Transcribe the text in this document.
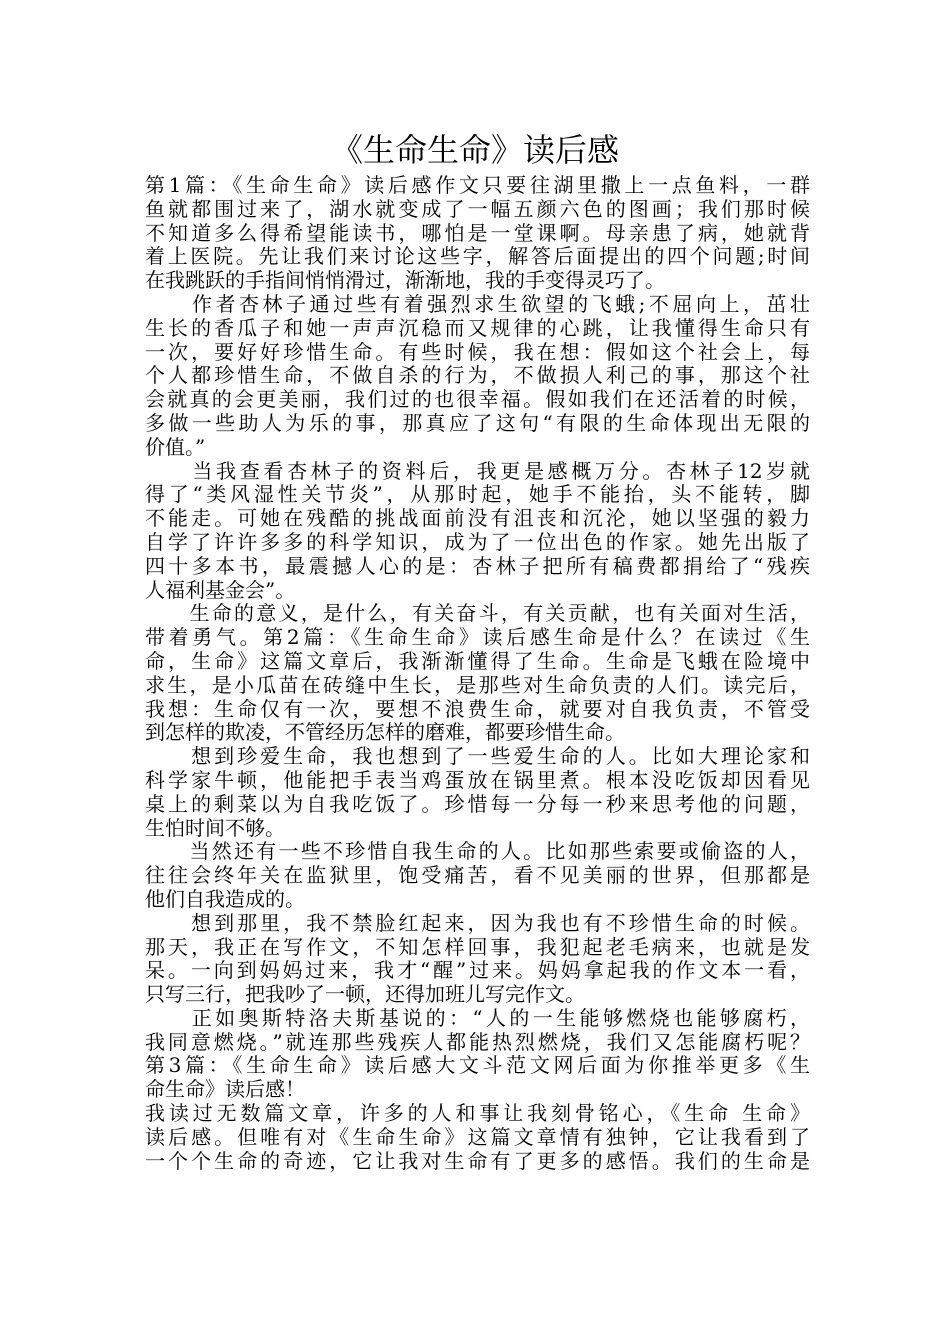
《生命生命》读后感
第1篇：《生命生命》读后感作文只要往湖里撒上一点鱼料，一群
鱼就都围过来了，湖水就变成了一幅五颜六色的图画；我们那时候
不知道多么得希望能读书，哪怕是一堂课啊。母亲患了病，她就背
着上医院。先让我们来讨论这些字，解答后面提出的四个问题;时间
在我跳跃的手指间悄悄滑过，渐渐地，我的手变得灵巧了。
　　作者杏林子通过些有着强烈求生欲望的飞蛾;不屈向上，茁壮
生长的香瓜子和她一声声沉稳而又规律的心跳，让我懂得生命只有
一次，要好好珍惜生命。有些时候，我在想：假如这个社会上，每
个人都珍惜生命，不做自杀的行为，不做损人利己的事，那这个社
会就真的会更美丽，我们过的也很幸福。假如我们在还活着的时候，
多做一些助人为乐的事，那真应了这句“有限的生命体现出无限的
价值。”
　　当我查看杏林子的资料后，我更是感概万分。杏林子12岁就
得了“类风湿性关节炎”，从那时起，她手不能抬，头不能转，脚
不能走。可她在残酷的挑战面前没有沮丧和沉沦，她以坚强的毅力
自学了许许多多的科学知识，成为了一位出色的作家。她先出版了
四十多本书，最震撼人心的是：杏林子把所有稿费都捐给了“残疾
人福利基金会”。
　　生命的意义，是什么，有关奋斗，有关贡献，也有关面对生活，
带着勇气。第2篇：《生命生命》读后感生命是什么？在读过《生
命，生命》这篇文章后，我渐渐懂得了生命。生命是飞蛾在险境中
求生，是小瓜苗在砖缝中生长，是那些对生命负责的人们。读完后，
我想：生命仅有一次，要想不浪费生命，就要对自我负责，不管受
到怎样的欺凌，不管经历怎样的磨难，都要珍惜生命。
　　想到珍爱生命，我也想到了一些爱生命的人。比如大理论家和
科学家牛顿，他能把手表当鸡蛋放在锅里煮。根本没吃饭却因看见
桌上的剩菜以为自我吃饭了。珍惜每一分每一秒来思考他的问题，
生怕时间不够。
　　当然还有一些不珍惜自我生命的人。比如那些索要或偷盗的人，
往往会终年关在监狱里，饱受痛苦，看不见美丽的世界，但那都是
他们自我造成的。
　　想到那里，我不禁脸红起来，因为我也有不珍惜生命的时候。
那天，我正在写作文，不知怎样回事，我犯起老毛病来，也就是发
呆。一向到妈妈过来，我才“醒”过来。妈妈拿起我的作文本一看，
只写三行，把我吵了一顿，还得加班儿写完作文。
　　正如奥斯特洛夫斯基说的：“人的一生能够燃烧也能够腐朽，
我同意燃烧。”就连那些残疾人都能热烈燃烧，我们又怎能腐朽呢？
第3篇：《生命生命》读后感大文斗范文网后面为你推举更多《生
命生命》读后感！
我读过无数篇文章，许多的人和事让我刻骨铭心，《生命 生命》
读后感。但唯有对《生命生命》这篇文章情有独钟，它让我看到了
一个个生命的奇迹，它让我对生命有了更多的感悟。我们的生命是
